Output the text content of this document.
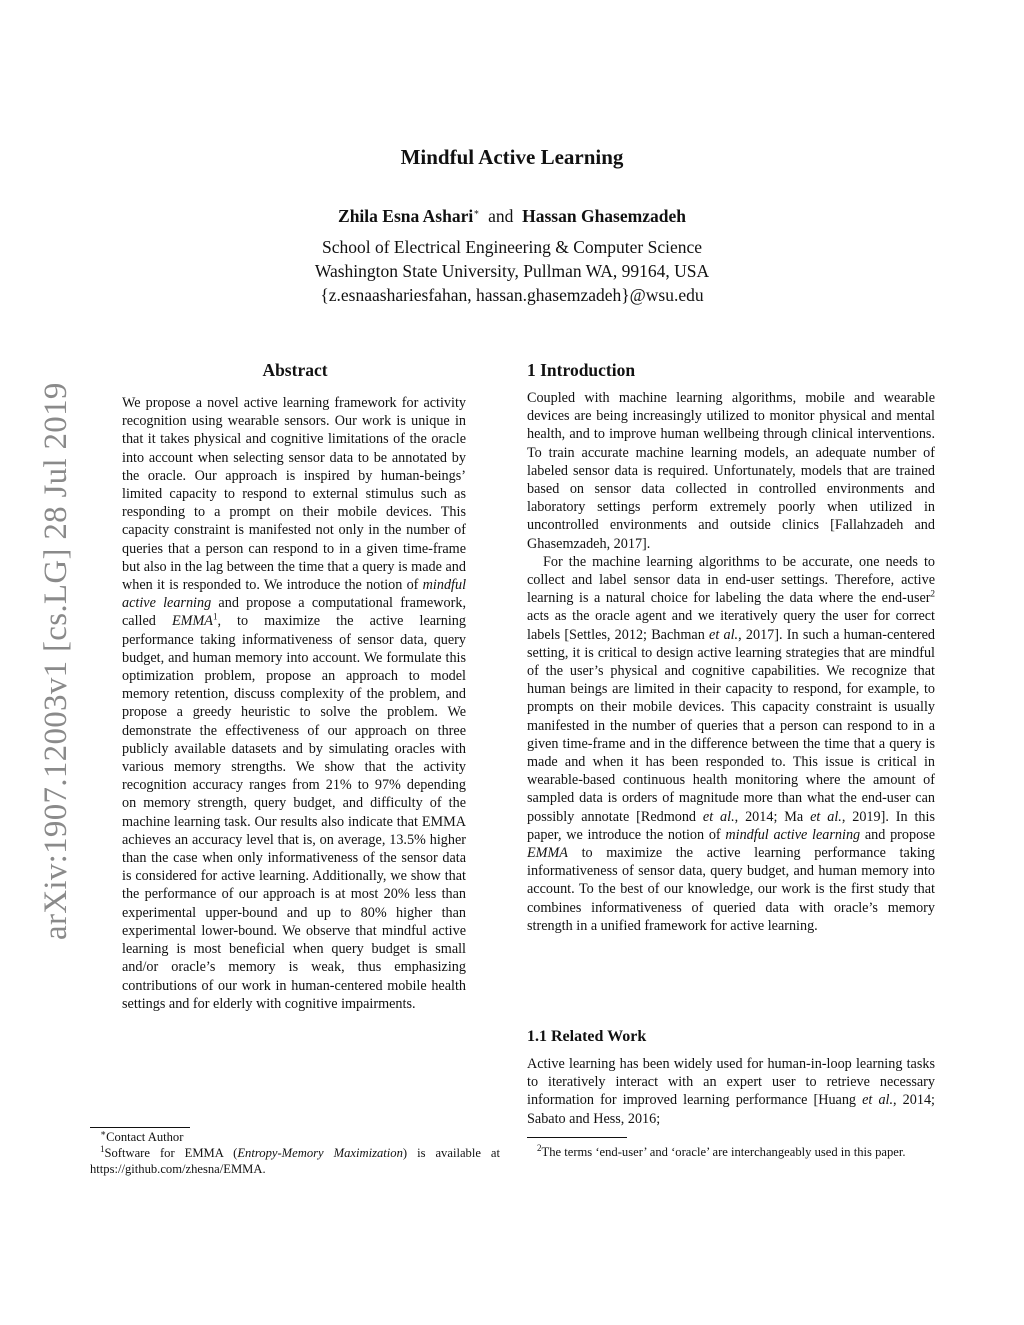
Mindful Active Learning
Zhila Esna Ashari∗ and Hassan Ghasemzadeh
School of Electrical Engineering & Computer Science
Washington State University, Pullman WA, 99164, USA
{z.esnaashariesfahan, hassan.ghasemzadeh}@wsu.edu
arXiv:1907.12003v1 [cs.LG] 28 Jul 2019
Abstract

We propose a novel active learning framework for activity recognition using wearable sensors. Our work is unique in that it takes physical and cognitive limitations of the oracle into account when selecting sensor data to be annotated by the oracle. Our approach is inspired by human-beings’ limited capacity to respond to external stimulus such as responding to a prompt on their mobile devices. This capacity constraint is manifested not only in the number of queries that a person can respond to in a given time-frame but also in the lag between the time that a query is made and when it is responded to. We introduce the notion of mindful active learning and propose a computational framework, called EMMA$^1$, to maximize the active learning performance taking informativeness of sensor data, query budget, and human memory into account. We formulate this optimization problem, propose an approach to model memory retention, discuss complexity of the problem, and propose a greedy heuristic to solve the problem. We demonstrate the effectiveness of our approach on three publicly available datasets and by simulating oracles with various memory strengths. We show that the activity recognition accuracy ranges from 21% to 97% depending on memory strength, query budget, and difficulty of the machine learning task. Our results also indicate that EMMA achieves an accuracy level that is, on average, 13.5% higher than the case when only informativeness of the sensor data is considered for active learning. Additionally, we show that the performance of our approach is at most 20% less than experimental upper-bound and up to 80% higher than experimental lower-bound. We observe that mindful active learning is most beneficial when query budget is small and/or oracle’s memory is weak, thus emphasizing contributions of our work in human-centered mobile health settings and for elderly with cognitive impairments.

1 Introduction

Coupled with machine learning algorithms, mobile and wearable devices are being increasingly utilized to monitor physical and mental health, and to improve human wellbeing through clinical interventions. To train accurate machine learning models, an adequate number of labeled sensor data is required. Unfortunately, models that are trained based on sensor data collected in controlled environments and laboratory settings perform extremely poorly when utilized in uncontrolled environments and outside clinics [Fallahzadeh and Ghasemzadeh, 2017].

For the machine learning algorithms to be accurate, one needs to collect and label sensor data in end-user settings. Therefore, active learning is a natural choice for labeling the data where the end-user$^2$ acts as the oracle agent and we iteratively query the user for correct labels [Settles, 2012; Bachman et al., 2017]. In such a human-centered setting, it is critical to design active learning strategies that are mindful of the user’s physical and cognitive capabilities. We recognize that human beings are limited in their capacity to respond, for example, to prompts on their mobile devices. This capacity constraint is usually manifested in the number of queries that a person can respond to in a given time-frame and in the difference between the time that a query is made and when it has been responded to. This issue is critical in wearable-based continuous health monitoring where the amount of sampled data is orders of magnitude more than what the end-user can possibly annotate [Redmond et al., 2014; Ma et al., 2019]. In this paper, we introduce the notion of mindful active learning and propose EMMA to maximize the active learning performance taking informativeness of sensor data, query budget, and human memory into account. To the best of our knowledge, our work is the first study that combines informativeness of queried data with oracle’s memory strength in a unified framework for active learning.

1.1 Related Work

Active learning has been widely used for human-in-loop learning tasks to iteratively interact with an expert user to retrieve necessary information for improved learning performance [Huang et al., 2014; Sabato and Hess, 2016;

∗Contact Author
$^1$Software for EMMA (Entropy-Memory Maximization) is available at https://github.com/zhesna/EMMA.
$^2$The terms ‘end-user’ and ‘oracle’ are interchangeably used in this paper.
